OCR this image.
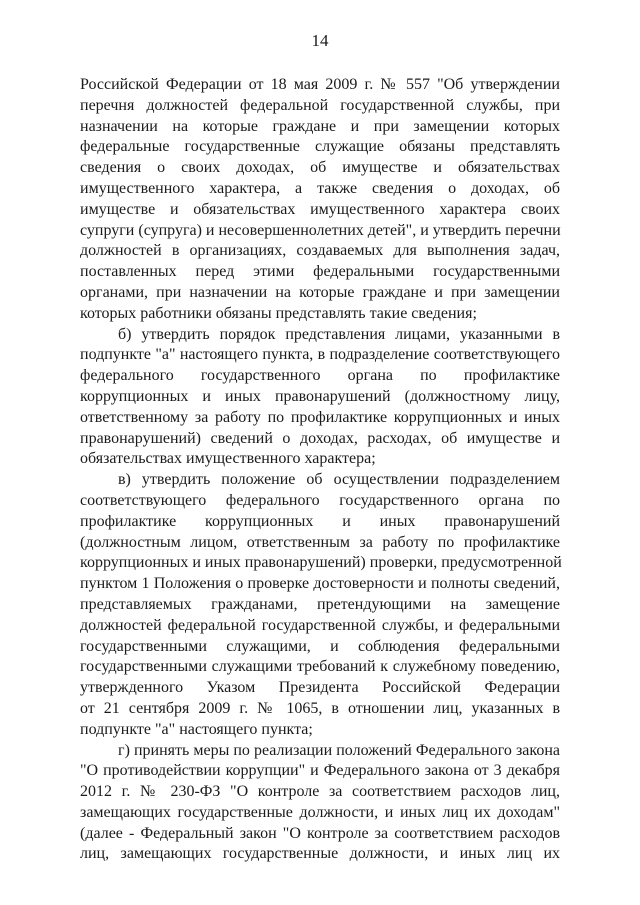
14
Российской Федерации от 18 мая 2009 г. № 557 "Об утверждении
перечня должностей федеральной государственной службы, при
назначении на которые граждане и при замещении которых
федеральные государственные служащие обязаны представлять
сведения о своих доходах, об имуществе и обязательствах
имущественного характера, а также сведения о доходах, об
имуществе и обязательствах имущественного характера своих
супруги (супруга) и несовершеннолетних детей", и утвердить перечни
должностей в организациях, создаваемых для выполнения задач,
поставленных перед этими федеральными государственными
органами, при назначении на которые граждане и при замещении
которых работники обязаны представлять такие сведения;
б) утвердить порядок представления лицами, указанными в
подпункте "а" настоящего пункта, в подразделение соответствующего
федерального государственного органа по профилактике
коррупционных и иных правонарушений (должностному лицу,
ответственному за работу по профилактике коррупционных и иных
правонарушений) сведений о доходах, расходах, об имуществе и
обязательствах имущественного характера;
в) утвердить положение об осуществлении подразделением
соответствующего федерального государственного органа по
профилактике коррупционных и иных правонарушений
(должностным лицом, ответственным за работу по профилактике
коррупционных и иных правонарушений) проверки, предусмотренной
пунктом 1 Положения о проверке достоверности и полноты сведений,
представляемых гражданами, претендующими на замещение
должностей федеральной государственной службы, и федеральными
государственными служащими, и соблюдения федеральными
государственными служащими требований к служебному поведению,
утвержденного Указом Президента Российской Федерации
от 21 сентября 2009 г. № 1065, в отношении лиц, указанных в
подпункте "а" настоящего пункта;
г) принять меры по реализации положений Федерального закона
"О противодействии коррупции" и Федерального закона от 3 декабря
2012 г. № 230-ФЗ "О контроле за соответствием расходов лиц,
замещающих государственные должности, и иных лиц их доходам"
(далее - Федеральный закон "О контроле за соответствием расходов
лиц, замещающих государственные должности, и иных лиц их
